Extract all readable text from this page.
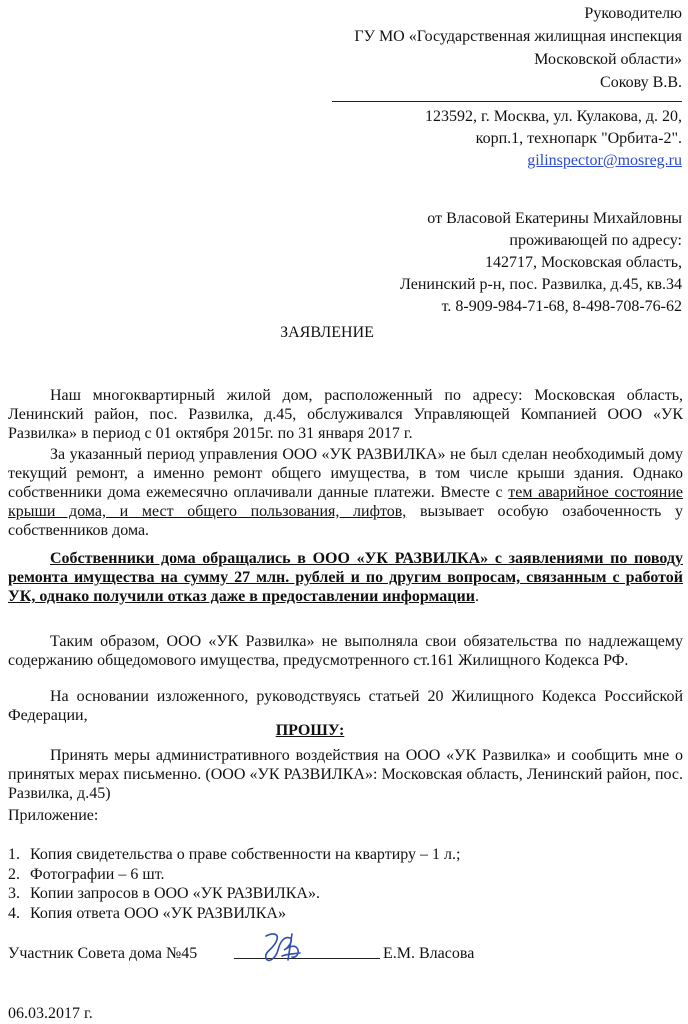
Руководителю
ГУ МО «Государственная жилищная инспекция
Московской области»
Сокову В.В.
123592, г. Москва, ул. Кулакова, д. 20,
корп.1, технопарк "Орбита-2".
gilinspector@mosreg.ru
от Власовой Екатерины Михайловны
проживающей по адресу:
142717, Московская область,
Ленинский р-н, пос. Развилка, д.45, кв.34
т. 8-909-984-71-68, 8-498-708-76-62
ЗАЯВЛЕНИЕ

Наш многоквартирный жилой дом, расположенный по адресу: Московская область, Ленинский район, пос. Развилка, д.45, обслуживался Управляющей Компанией ООО «УК Развилка» в период с 01 октября 2015г. по 31 января 2017 г.

За указанный период управления ООО «УК РАЗВИЛКА» не был сделан необходимый дому текущий ремонт, а именно ремонт общего имущества, в том числе крыши здания. Однако собственники дома ежемесячно оплачивали данные платежи. Вместе с тем аварийное состояние крыши дома, и мест общего пользования, лифтов, вызывает особую озабоченность у собственников дома.

Собственники дома обращались в ООО «УК РАЗВИЛКА» с заявлениями по поводу ремонта имущества на сумму 27 млн. рублей и по другим вопросам, связанным с работой УК, однако получили отказ даже в предоставлении информации.

Таким образом, ООО «УК Развилка» не выполняла свои обязательства по надлежащему содержанию общедомового имущества, предусмотренного ст.161 Жилищного Кодекса РФ.

На основании изложенного, руководствуясь статьей 20 Жилищного Кодекса Российской Федерации,

ПРОШУ:

Принять меры административного воздействия на ООО «УК Развилка» и сообщить мне о принятых мерах письменно. (ООО «УК РАЗВИЛКА»: Московская область, Ленинский район, пос. Развилка, д.45)

Приложение:
1. Копия свидетельства о праве собственности на квартиру – 1 л.;
2. Фотографии – 6 шт.
3. Копии запросов в ООО «УК РАЗВИЛКА».
4. Копия ответа ООО «УК РАЗВИЛКА»
Участник Совета дома №45	Е.М. Власова
06.03.2017 г.
